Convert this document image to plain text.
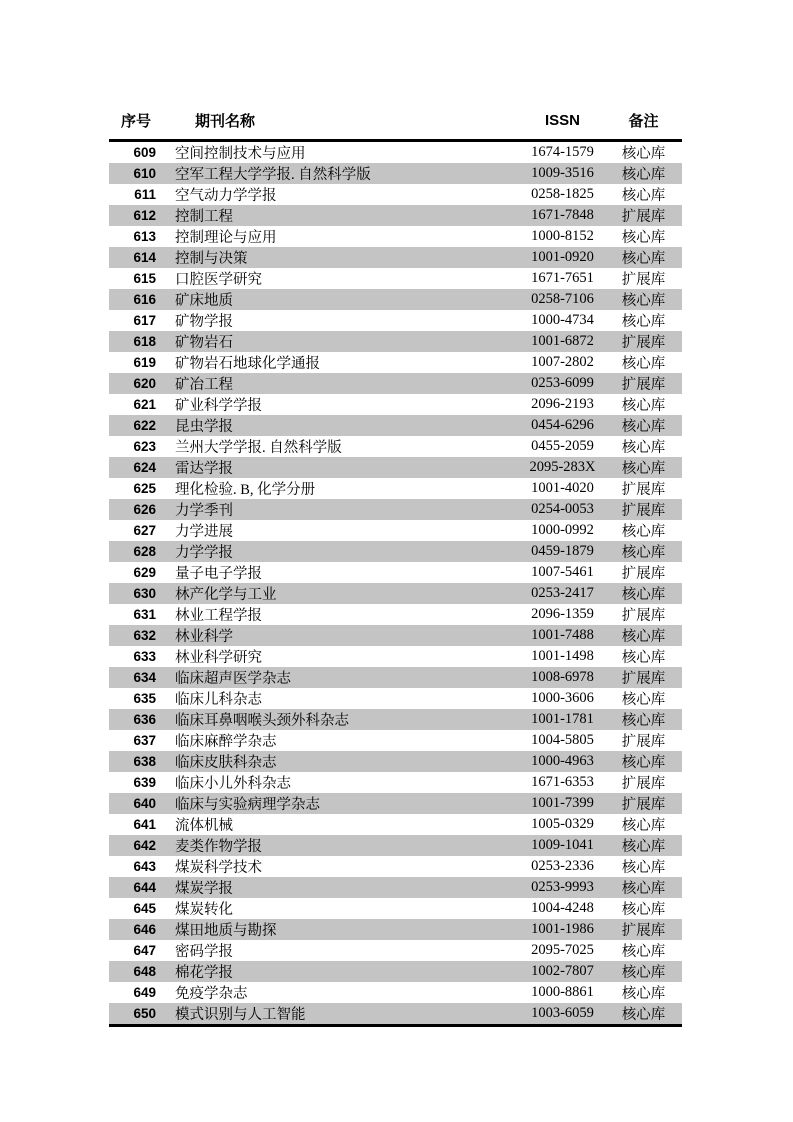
序号	期刊名称	ISSN	备注
609	空间控制技术与应用	1674-1579	核心库
610	空军工程大学学报. 自然科学版	1009-3516	核心库
611	空气动力学学报	0258-1825	核心库
612	控制工程	1671-7848	扩展库
613	控制理论与应用	1000-8152	核心库
614	控制与决策	1001-0920	核心库
615	口腔医学研究	1671-7651	扩展库
616	矿床地质	0258-7106	核心库
617	矿物学报	1000-4734	核心库
618	矿物岩石	1001-6872	扩展库
619	矿物岩石地球化学通报	1007-2802	核心库
620	矿冶工程	0253-6099	扩展库
621	矿业科学学报	2096-2193	核心库
622	昆虫学报	0454-6296	核心库
623	兰州大学学报. 自然科学版	0455-2059	核心库
624	雷达学报	2095-283X	核心库
625	理化检验. B, 化学分册	1001-4020	扩展库
626	力学季刊	0254-0053	扩展库
627	力学进展	1000-0992	核心库
628	力学学报	0459-1879	核心库
629	量子电子学报	1007-5461	扩展库
630	林产化学与工业	0253-2417	核心库
631	林业工程学报	2096-1359	扩展库
632	林业科学	1001-7488	核心库
633	林业科学研究	1001-1498	核心库
634	临床超声医学杂志	1008-6978	扩展库
635	临床儿科杂志	1000-3606	核心库
636	临床耳鼻咽喉头颈外科杂志	1001-1781	核心库
637	临床麻醉学杂志	1004-5805	扩展库
638	临床皮肤科杂志	1000-4963	核心库
639	临床小儿外科杂志	1671-6353	扩展库
640	临床与实验病理学杂志	1001-7399	扩展库
641	流体机械	1005-0329	核心库
642	麦类作物学报	1009-1041	核心库
643	煤炭科学技术	0253-2336	核心库
644	煤炭学报	0253-9993	核心库
645	煤炭转化	1004-4248	核心库
646	煤田地质与勘探	1001-1986	扩展库
647	密码学报	2095-7025	核心库
648	棉花学报	1002-7807	核心库
649	免疫学杂志	1000-8861	核心库
650	模式识别与人工智能	1003-6059	核心库
